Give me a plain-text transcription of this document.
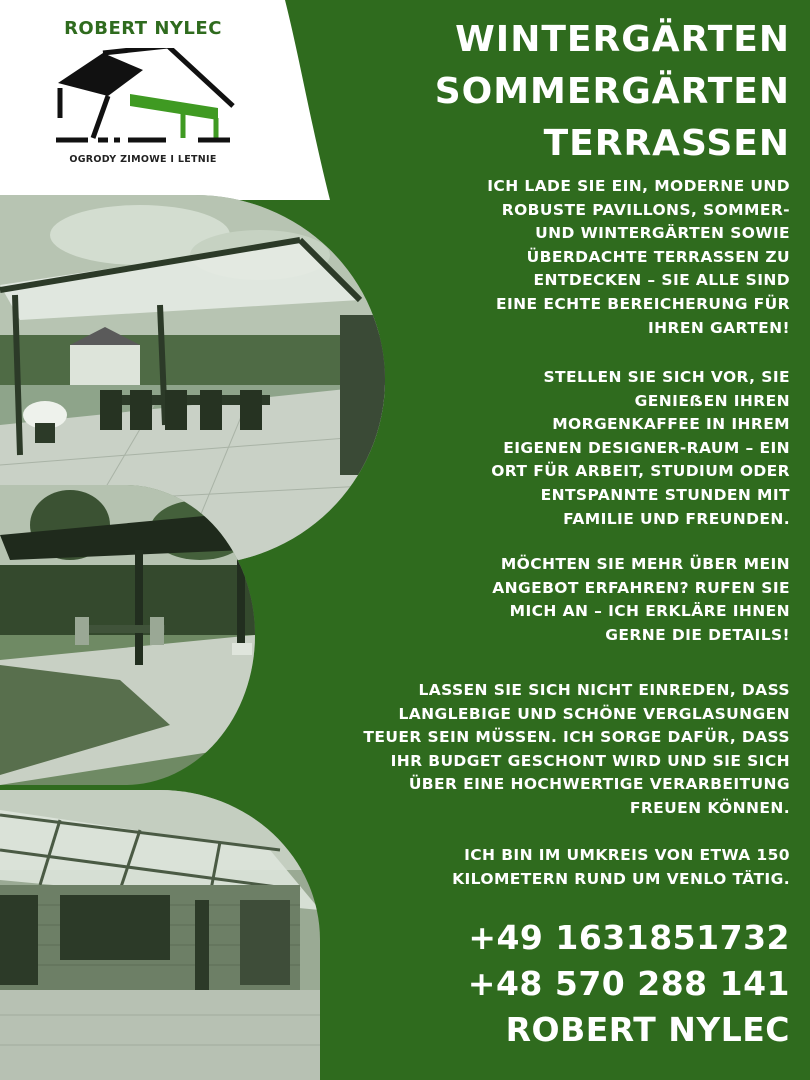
ROBERT NYLEC
OGRODY ZIMOWE I LETNIE
WINTERGÄRTEN
SOMMERGÄRTEN
TERRASSEN
ICH LADE SIE EIN, MODERNE UND
ROBUSTE PAVILLONS, SOMMER-
UND WINTERGÄRTEN SOWIE
ÜBERDACHTE TERRASSEN ZU
ENTDECKEN – SIE ALLE SIND
EINE ECHTE BEREICHERUNG FÜR
IHREN GARTEN!
STELLEN SIE SICH VOR, SIE
GENIEẞEN IHREN
MORGENKAFFEE IN IHREM
EIGENEN DESIGNER-RAUM – EIN
ORT FÜR ARBEIT, STUDIUM ODER
ENTSPANNTE STUNDEN MIT
FAMILIE UND FREUNDEN.
MÖCHTEN SIE MEHR ÜBER MEIN
ANGEBOT ERFAHREN? RUFEN SIE
MICH AN – ICH ERKLÄRE IHNEN
GERNE DIE DETAILS!
LASSEN SIE SICH NICHT EINREDEN, DASS
LANGLEBIGE UND SCHÖNE VERGLASUNGEN
TEUER SEIN MÜSSEN. ICH SORGE DAFÜR, DASS
IHR BUDGET GESCHONT WIRD UND SIE SICH
ÜBER EINE HOCHWERTIGE VERARBEITUNG
FREUEN KÖNNEN.
ICH BIN IM UMKREIS VON ETWA 150
KILOMETERN RUND UM VENLO TÄTIG.
+49 1631851732
+48 570 288 141
ROBERT NYLEC
